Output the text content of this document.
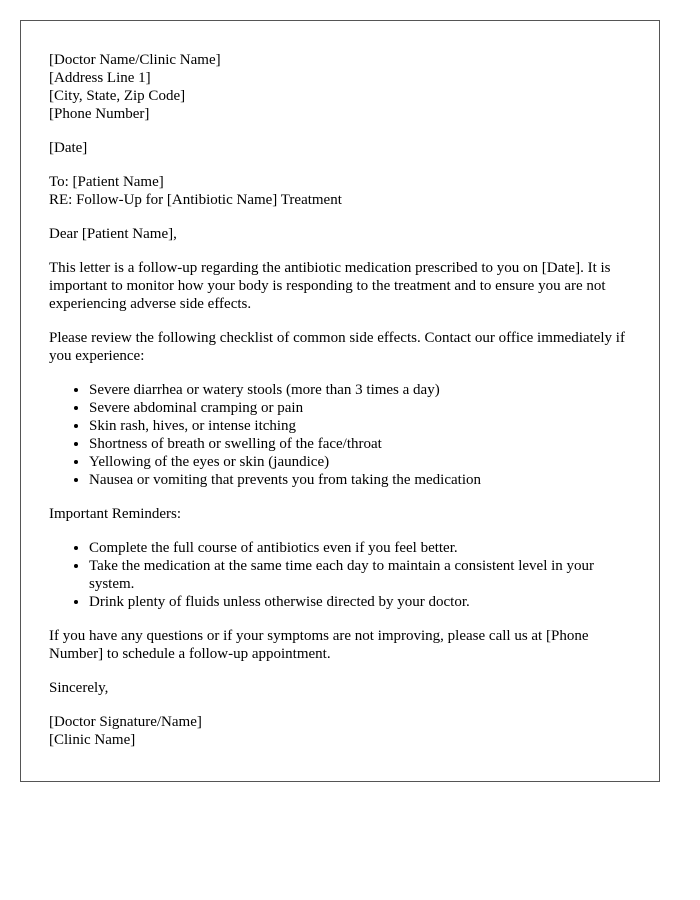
[Doctor Name/Clinic Name]
[Address Line 1]
[City, State, Zip Code]
[Phone Number]
[Date]
To: [Patient Name]
RE: Follow-Up for [Antibiotic Name] Treatment

Dear [Patient Name],

This letter is a follow-up regarding the antibiotic medication prescribed to you on [Date]. It is important to monitor how your body is responding to the treatment and to ensure you are not experiencing adverse side effects.

Please review the following checklist of common side effects. Contact our office immediately if you experience:

• Severe diarrhea or watery stools (more than 3 times a day)
• Severe abdominal cramping or pain
• Skin rash, hives, or intense itching
• Shortness of breath or swelling of the face/throat
• Yellowing of the eyes or skin (jaundice)
• Nausea or vomiting that prevents you from taking the medication

Important Reminders:

• Complete the full course of antibiotics even if you feel better.
• Take the medication at the same time each day to maintain a consistent level in your system.
• Drink plenty of fluids unless otherwise directed by your doctor.

If you have any questions or if your symptoms are not improving, please call us at [Phone Number] to schedule a follow-up appointment.

Sincerely,

[Doctor Signature/Name]
[Clinic Name]
